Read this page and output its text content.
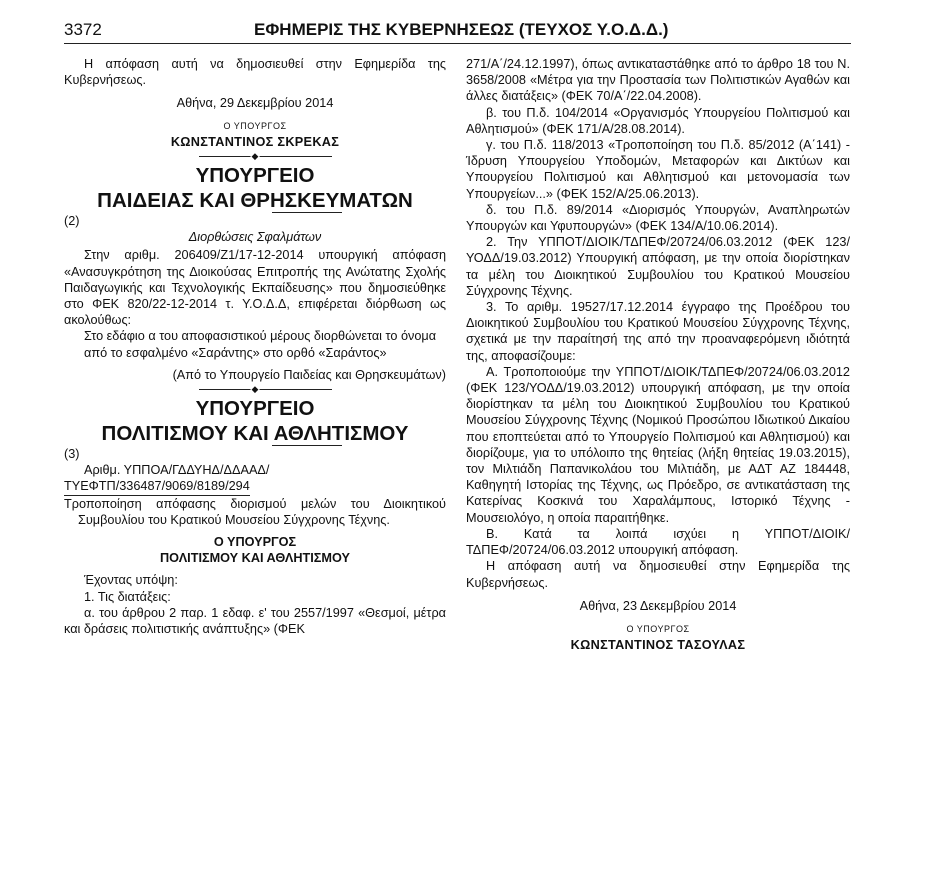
3372	ΕΦΗΜΕΡΙΣ ΤΗΣ ΚΥΒΕΡΝΗΣΕΩΣ (ΤΕΥΧΟΣ Υ.Ο.Δ.Δ.)

Η απόφαση αυτή να δημοσιευθεί στην Εφημερίδα της Κυβερνήσεως.

Αθήνα, 29 Δεκεμβρίου 2014

Ο ΥΠΟΥΡΓΟΣ

ΚΩΝΣΤΑΝΤΙΝΟΣ ΣΚΡΕΚΑΣ

◆

ΥΠΟΥΡΓΕΙΟ

ΠΑΙΔΕΙΑΣ ΚΑΙ ΘΡΗΣΚΕΥΜΑΤΩΝ

(2)

Διορθώσεις Σφαλμάτων

Στην αριθμ. 206409/Ζ1/17-12-2014 υπουργική απόφαση «Ανασυγκρότηση της Διοικούσας Επιτροπής της Ανώτατης Σχολής Παιδαγωγικής και Τεχνολογικής Εκπαίδευσης» που δημοσιεύθηκε στο ΦΕΚ 820/22-12-2014 τ. Υ.Ο.Δ.Δ, επιφέρεται διόρθωση ως ακολούθως:

Στο εδάφιο α του αποφασιστικού μέρους διορθώνεται το όνομα

από το εσφαλμένο «Σαράντης» στο ορθό «Σαράντος»

(Από το Υπουργείο Παιδείας και Θρησκευμάτων)

◆

ΥΠΟΥΡΓΕΙΟ

ΠΟΛΙΤΙΣΜΟΥ ΚΑΙ ΑΘΛΗΤΙΣΜΟΥ

(3)

Αριθμ. ΥΠΠΟΑ/ΓΔΔΥΗΔ/ΔΔΑΑΔ/

ΤΥΕΦΤΠ/336487/9069/8189/294

Τροποποίηση απόφασης διορισμού μελών του Διοικητικού Συμβουλίου του Κρατικού Μουσείου Σύγχρονης Τέχνης.

Ο ΥΠΟΥΡΓΟΣ

ΠΟΛΙΤΙΣΜΟΥ ΚΑΙ ΑΘΛΗΤΙΣΜΟΥ

Έχοντας υπόψη:

1. Τις διατάξεις:

α. του άρθρου 2 παρ. 1 εδαφ. ε' του 2557/1997 «Θεσμοί, μέτρα και δράσεις πολιτιστικής ανάπτυξης» (ΦΕΚ

271/Α΄/24.12.1997), όπως αντικαταστάθηκε από το άρθρο 18 του Ν. 3658/2008 «Μέτρα για την Προστασία των Πολιτιστικών Αγαθών και άλλες διατάξεις» (ΦΕΚ 70/Α΄/22.04.2008).

β. του Π.δ. 104/2014 «Οργανισμός Υπουργείου Πολιτισμού και Αθλητισμού» (ΦΕΚ 171/Α/28.08.2014).

γ. του Π.δ. 118/2013 «Τροποποίηση του Π.δ. 85/2012 (Α΄141) - Ίδρυση Υπουργείου Υποδομών, Μεταφορών και Δικτύων και Υπουργείου Πολιτισμού και Αθλητισμού και μετονομασία των Υπουργείων...» (ΦΕΚ 152/Α/25.06.2013).

δ. του Π.δ. 89/2014 «Διορισμός Υπουργών, Αναπληρωτών Υπουργών και Υφυπουργών» (ΦΕΚ 134/Α/10.06.2014).

2. Την ΥΠΠΟΤ/ΔΙΟΙΚ/ΤΔΠΕΦ/20724/06.03.2012 (ΦΕΚ 123/ΥΟΔΔ/19.03.2012) Υπουργική απόφαση, με την οποία διορίστηκαν τα μέλη του Διοικητικού Συμβουλίου του Κρατικού Μουσείου Σύγχρονης Τέχνης.

3. Το αριθμ. 19527/17.12.2014 έγγραφο της Προέδρου του Διοικητικού Συμβουλίου του Κρατικού Μουσείου Σύγχρονης Τέχνης, σχετικά με την παραίτησή της από την προαναφερόμενη ιδιότητά της, αποφασίζουμε:

Α. Τροποποιούμε την ΥΠΠΟΤ/ΔΙΟΙΚ/ΤΔΠΕΦ/20724/06.03.2012 (ΦΕΚ 123/ΥΟΔΔ/19.03.2012) υπουργική απόφαση, με την οποία διορίστηκαν τα μέλη του Διοικητικού Συμβουλίου του Κρατικού Μουσείου Σύγχρονης Τέχνης (Νομικού Προσώπου Ιδιωτικού Δικαίου που εποπτεύεται από το Υπουργείο Πολιτισμού και Αθλητισμού) και διορίζουμε, για το υπόλοιπο της θητείας (λήξη θητείας 19.03.2015), τον Μιλτιάδη Παπανικολάου του Μιλτιάδη, με ΑΔΤ ΑΖ 184448, Καθηγητή Ιστορίας της Τέχνης, ως Πρόεδρο, σε αντικατάσταση της Κατερίνας Κοσκινά του Χαραλάμπους, Ιστορικό Τέχνης - Μουσειολόγο, η οποία παραιτήθηκε.

Β. Κατά τα λοιπά ισχύει η ΥΠΠΟΤ/ΔΙΟΙΚ/ΤΔΠΕΦ/20724/06.03.2012 υπουργική απόφαση.

Η απόφαση αυτή να δημοσιευθεί στην Εφημερίδα της Κυβερνήσεως.

Αθήνα, 23 Δεκεμβρίου 2014

Ο ΥΠΟΥΡΓΟΣ

ΚΩΝΣΤΑΝΤΙΝΟΣ ΤΑΣΟΥΛΑΣ
